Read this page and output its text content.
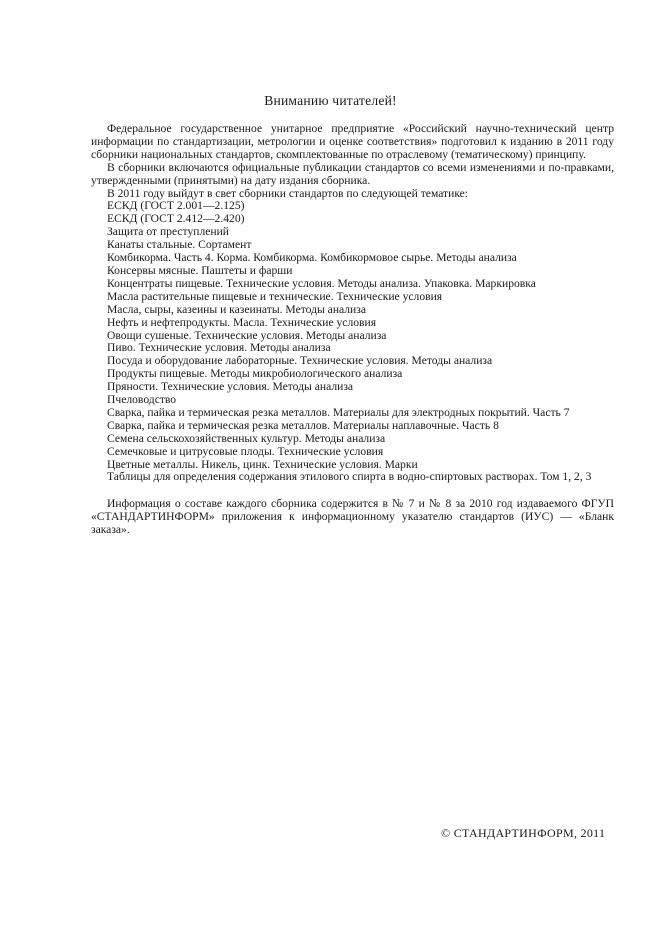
Вниманию читателей!

Федеральное государственное унитарное предприятие «Российский научно-технический центр информации по стандартизации, метрологии и оценке соответствия» подготовил к изданию в 2011 году сборники национальных стандартов, скомплектованные по отраслевому (тематическому) принципу.

В сборники включаются официальные публикации стандартов со всеми изменениями и по-правками, утвержденными (принятыми) на дату издания сборника.

В 2011 году выйдут в свет сборники стандартов по следующей тематике:

ЕСКД (ГОСТ 2.001—2.125)
ЕСКД (ГОСТ 2.412—2.420)
Защита от преступлений
Канаты стальные. Сортамент
Комбикорма. Часть 4. Корма. Комбикорма. Комбикормовое сырье. Методы анализа
Консервы мясные. Паштеты и фарши
Концентраты пищевые. Технические условия. Методы анализа. Упаковка. Маркировка
Масла растительные пищевые и технические. Технические условия
Масла, сыры, казеины и казеинаты. Методы анализа
Нефть и нефтепродукты. Масла. Технические условия
Овощи сушеные. Технические условия. Методы анализа
Пиво. Технические условия. Методы анализа
Посуда и оборудование лабораторные. Технические условия. Методы анализа
Продукты пищевые. Методы микробиологического анализа
Пряности. Технические условия. Методы анализа
Пчеловодство
Сварка, пайка и термическая резка металлов. Материалы для электродных покрытий. Часть 7
Сварка, пайка и термическая резка металлов. Материалы наплавочные. Часть 8
Семена сельскохозяйственных культур. Методы анализа
Семечковые и цитрусовые плоды. Технические условия
Цветные металлы. Никель, цинк. Технические условия. Марки
Таблицы для определения содержания этилового спирта в водно-спиртовых растворах. Том 1, 2, 3

Информация о составе каждого сборника содержится в № 7 и № 8 за 2010 год издаваемого ФГУП «СТАНДАРТИНФОРМ» приложения к информационному указателю стандартов (ИУС) — «Бланк заказа».

© СТАНДАРТИНФОРМ, 2011
